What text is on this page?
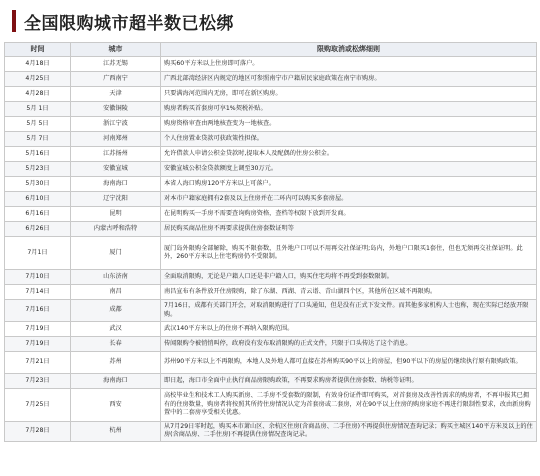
全国限购城市超半数已松绑
时间	城市	限购取消或松绑细则
4月18日	江苏无锡	购买60平方米以上住房即可落户。
4月25日	广西南宁	广西北部湾经济区内规定的地区可参照南宁市户籍居民家庭政策在南宁市购房。
4月28日	天津	只要满海河范围内无房，即可在新区购房。
5月 1日	安徽铜陵	购房者购买首套房可享1%契税补贴。
5月 5日	浙江宁波	购房资格审查由两地核查变为一地核查。
5月 7日	河南郑州	个人住房置业贷款可获政策性担保。
5月16日	江苏扬州	允许借款人申请公积金贷款时,提取本人及配偶的住房公积金。
5月23日	安徽宣城	安徽宣城公积金贷款额度上调至30万元。
5月30日	海南海口	本省人海口购房120平方米以上可落户。
6月10日	辽宁沈阳	对本市户籍家庭拥有2套及以上住房并在二环内可以购买多套房屋。
6月16日	昆明	在昆明购买一手房不需要查询购房资格，查档等权限下放到开发商。
6月26日	内蒙古呼和浩特	居民购买商品住房不再要求提供住房套数证明等
7月1日	厦门	厦门岛外限购全部解除，购买不限套数，且外地户口可以不用再交社保证明;岛内，外地户口限买1套住，但也无须再交社保证明。此外，260平方米以上住宅购房仍不受限制。
7月10日	山东济南	全面取消限购，无论是户籍人口还是非户籍人口，购买住宅均将不再受到套数限制。
7月14日	南昌	南昌宣布有条件放开住房限购，除了东湖、西湖、青云谱、青山湖四个区，其他所在区域不再限购。
7月16日	成都	7月16日，成都有关部门开会，对取消限购进行了口头通知，但是没有正式下发文件。而其他多家机构人士也称，现在实际已经放开限购。
7月19日	武汉	武汉140平方米以上的住房不再纳入限购范围。
7月19日	长春	传闻限购令被悄悄叫停，政府没有发布取消限购的正式文件，只限于口头传达了这个消息。
7月21日	苏州	苏州90平方米以上不再限购，本地人及外地人都可直接在苏州购买90平以上的房屋，但90平以下的房屋仍继续执行原有限购政策。
7月23日	海南海口	即日起，海口市全面中止执行商品房限购政策，不再要求购房者提供住房套数、纳税等证明。
7月25日	西安	高校毕业生和技术工人购买新房、二手房不受套数的限制，有效身份证件即可购买，对首套房及改善性需求的购房者，不再申报其已拥有的住房数量，购房者将按照其所持住房情况认定为首套房或二套房，对在90平以上住房的购房家庭不再进行限制性要求，改由新房购置中的二套房享受相关优惠。
7月28日	杭州	从7月29日零时起，购买本市萧山区、余杭区住房(含商品房、二手住房)不再提供住房情况查询记录；购买主城区140平方米及以上的住房(含商品房、二手住房)不再提供住房情况查询记录。
